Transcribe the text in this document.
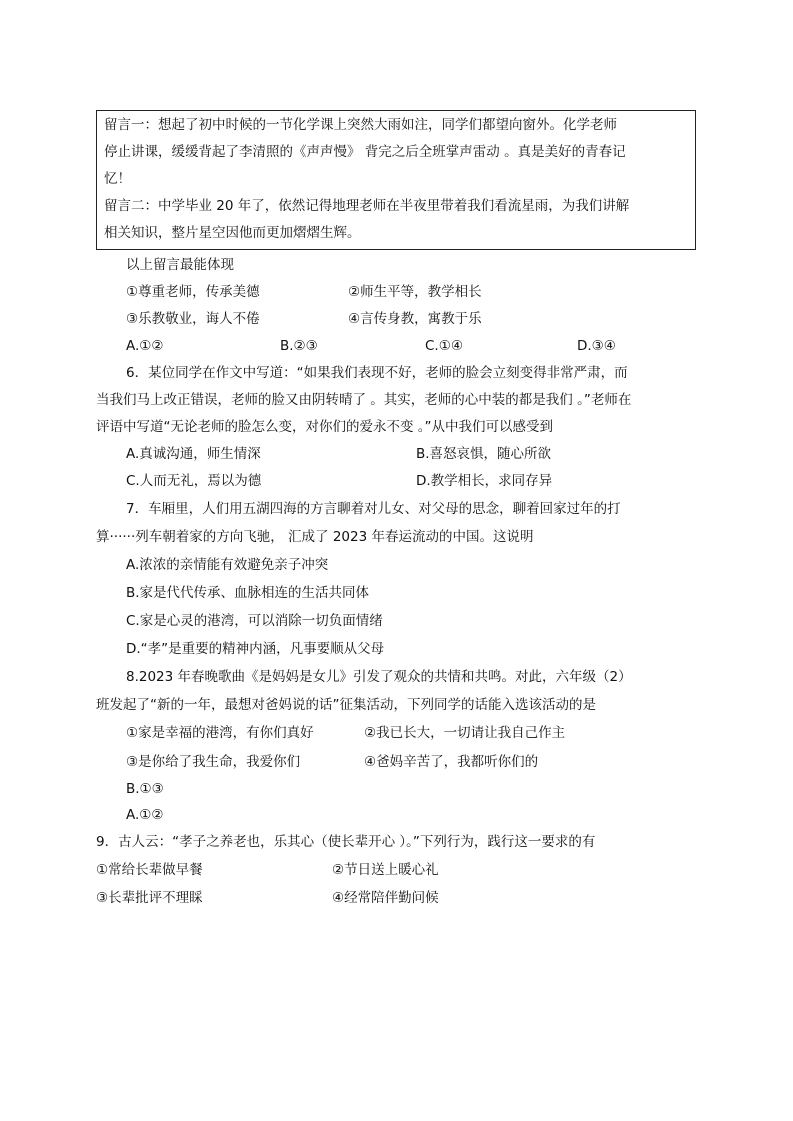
留言一：想起了初中时候的一节化学课上突然大雨如注，同学们都望向窗外。化学老师
停止讲课，缓缓背起了李清照的《声声慢》 背完之后全班掌声雷动 。真是美好的青春记
忆！
留言二：中学毕业 20 年了，依然记得地理老师在半夜里带着我们看流星雨，为我们讲解
相关知识，整片星空因他而更加熠熠生辉。
以上留言最能体现
①尊重老师，传承美德	②师生平等，教学相长
③乐教敬业，诲人不倦	④言传身教，寓教于乐
A.①②	B.②③	C.①④	D.③④
6．某位同学在作文中写道：“如果我们表现不好，老师的脸会立刻变得非常严肃，而
当我们马上改正错误，老师的脸又由阴转晴了 。其实，老师的心中装的都是我们 。”老师在
评语中写道“无论老师的脸怎么变，对你们的爱永不变 。”从中我们可以感受到
A.真诚沟通，师生情深	B.喜怒哀惧，随心所欲
C.人而无礼，焉以为德	D.教学相长，求同存异
7．车厢里，人们用五湖四海的方言聊着对儿女、对父母的思念，聊着回家过年的打
算······列车朝着家的方向飞驰， 汇成了 2023 年春运流动的中国。这说明
A.浓浓的亲情能有效避免亲子冲突
B.家是代代传承、血脉相连的生活共同体
C.家是心灵的港湾，可以消除一切负面情绪
D.“孝”是重要的精神内涵，凡事要顺从父母
8.2023 年春晚歌曲《是妈妈是女儿》引发了观众的共情和共鸣。对此，六年级（2）
班发起了“新的一年，最想对爸妈说的话”征集活动，下列同学的话能入选该活动的是
①家是幸福的港湾，有你们真好	②我已长大，一切请让我自己作主
③是你给了我生命，我爱你们	④爸妈辛苦了，我都听你们的
B.①③
A.①②
9．古人云：“孝子之养老也，乐其心（使长辈开心 ）。”下列行为，践行这一要求的有
①常给长辈做早餐	②节日送上暖心礼
③长辈批评不理睬	④经常陪伴勤问候
